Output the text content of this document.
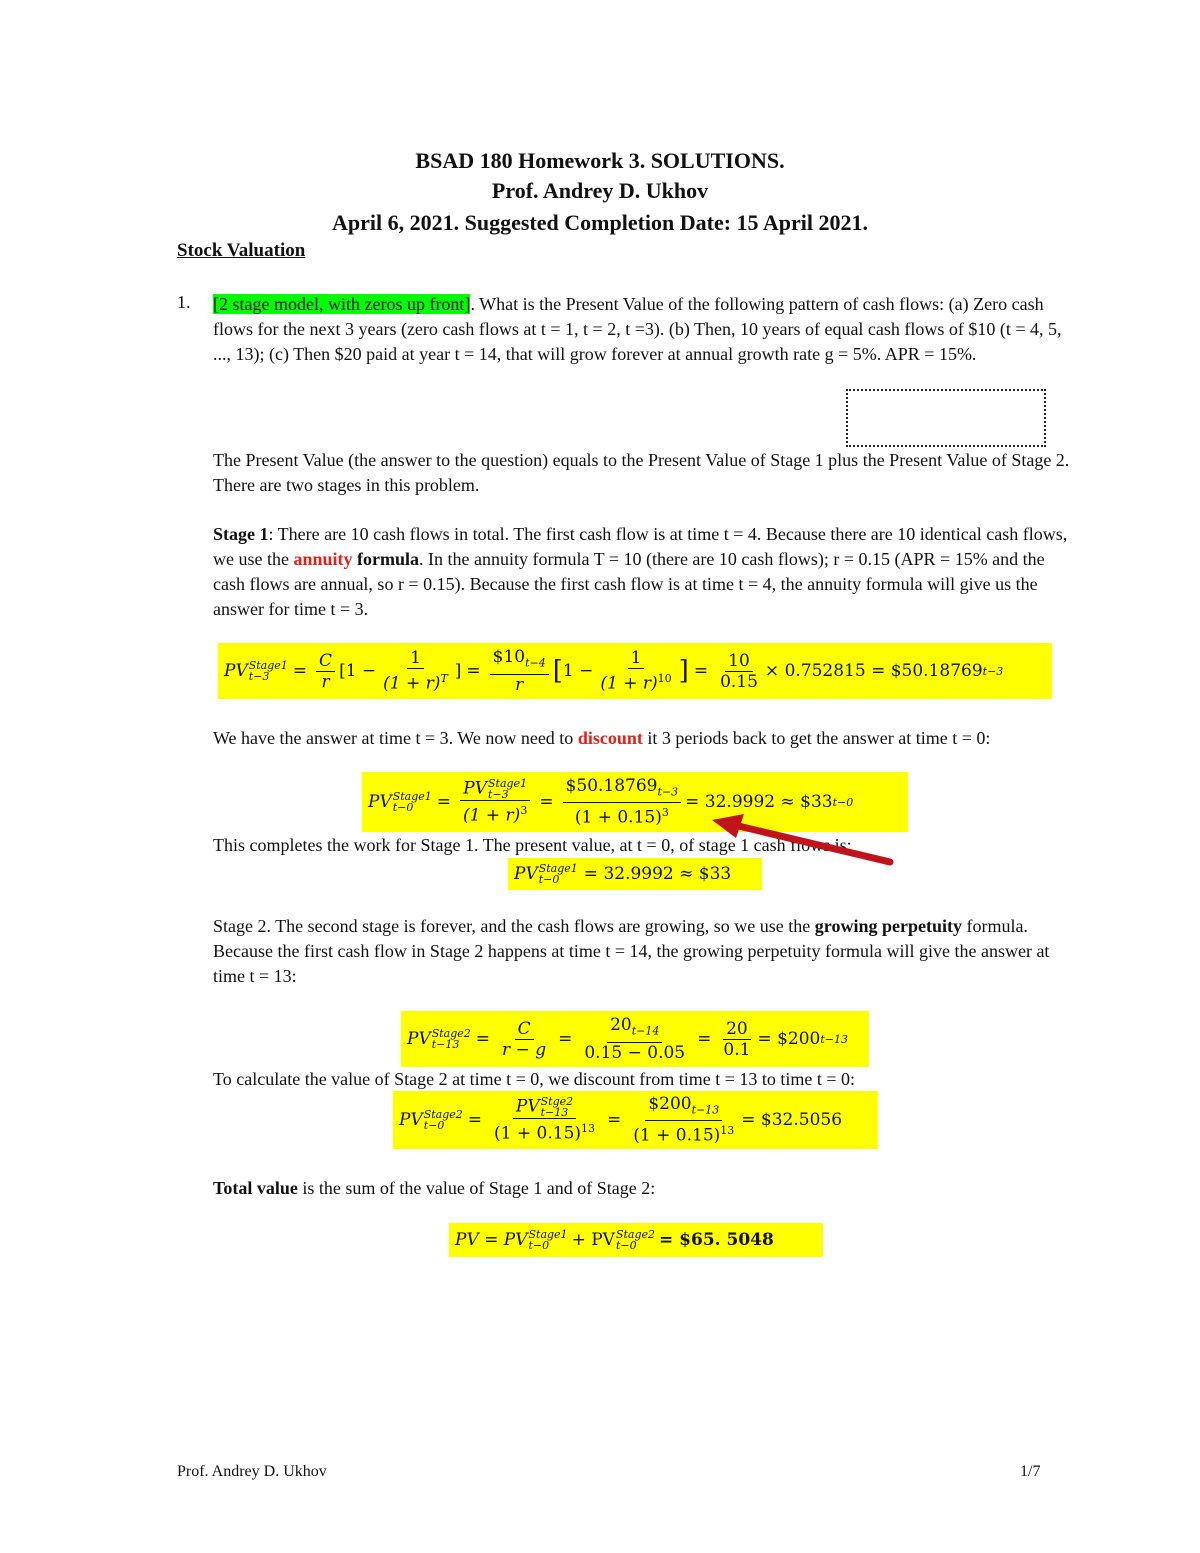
BSAD 180 Homework 3. SOLUTIONS.
Prof. Andrey D. Ukhov
April 6, 2021. Suggested Completion Date: 15 April 2021.
Stock Valuation
1. [2 stage model, with zeros up front]. What is the Present Value of the following pattern of cash flows: (a) Zero cash flows for the next 3 years (zero cash flows at t = 1, t = 2, t =3). (b) Then, 10 years of equal cash flows of $10 (t = 4, 5, ..., 13); (c) Then $20 paid at year t = 14, that will grow forever at annual growth rate g = 5%. APR = 15%.
The Present Value (the answer to the question) equals to the Present Value of Stage 1 plus the Present Value of Stage 2. There are two stages in this problem.
Stage 1: There are 10 cash flows in total. The first cash flow is at time t = 4. Because there are 10 identical cash flows, we use the annuity formula. In the annuity formula T = 10 (there are 10 cash flows); r = 0.15 (APR = 15% and the cash flows are annual, so r = 0.15). Because the first cash flow is at time t = 4, the annuity formula will give us the answer for time t = 3.
PV Stage1
t−3	= $\frac{C}{r} [1 - \frac{1}{(1 + r)^T}$ ] = $\frac{\$10_{t-4}}{r}$ [ $1 - \frac{1}{(1 + r)^{10}}$ ] = $\frac{10}{0.15} \times 0.752815$ = $50.18769 t−3
We have the answer at time t = 3. We now need to discount it 3 periods back to get the answer at time t = 0:
PV Stage1
t−0	= PV Stage1
t−3
$(1 + r)^3 = \frac{\$50.18769_{t-3}}{(1 + 0.15)^3} = 32.9992$ ≈ $33 t−0
This completes the work for Stage 1. The present value, at t = 0, of stage 1 cash flows is:
PV Stage1
t−0	= 32.9992 ≈ $33
Stage 2. The second stage is forever, and the cash flows are growing, so we use the growing perpetuity formula. Because the first cash flow in Stage 2 happens at time t = 14, the growing perpetuity formula will give the answer at time t = 13:
PV Stage2
$t-13 = \frac{C}{r - g} = \frac{20_{t-14}}{0.15 - 0.05} = \frac{20}{0.1}$ = $200 t−13
To calculate the value of Stage 2 at time t = 0, we discount from time t = 13 to time t = 0:
PV Stage2
t−0	= PV Stge2
t−13
$(1 + 0.15)^{13} = \frac{\$200_{t-13}}{(1 + 0.15)^{13}}$ = $32.5056
Total value is the sum of the value of Stage 1 and of Stage 2:
PV = PV Stage1
t−0	+ PV Stage2
t−0	= $65. 5048
Prof. Andrey D. Ukhov	1/7
